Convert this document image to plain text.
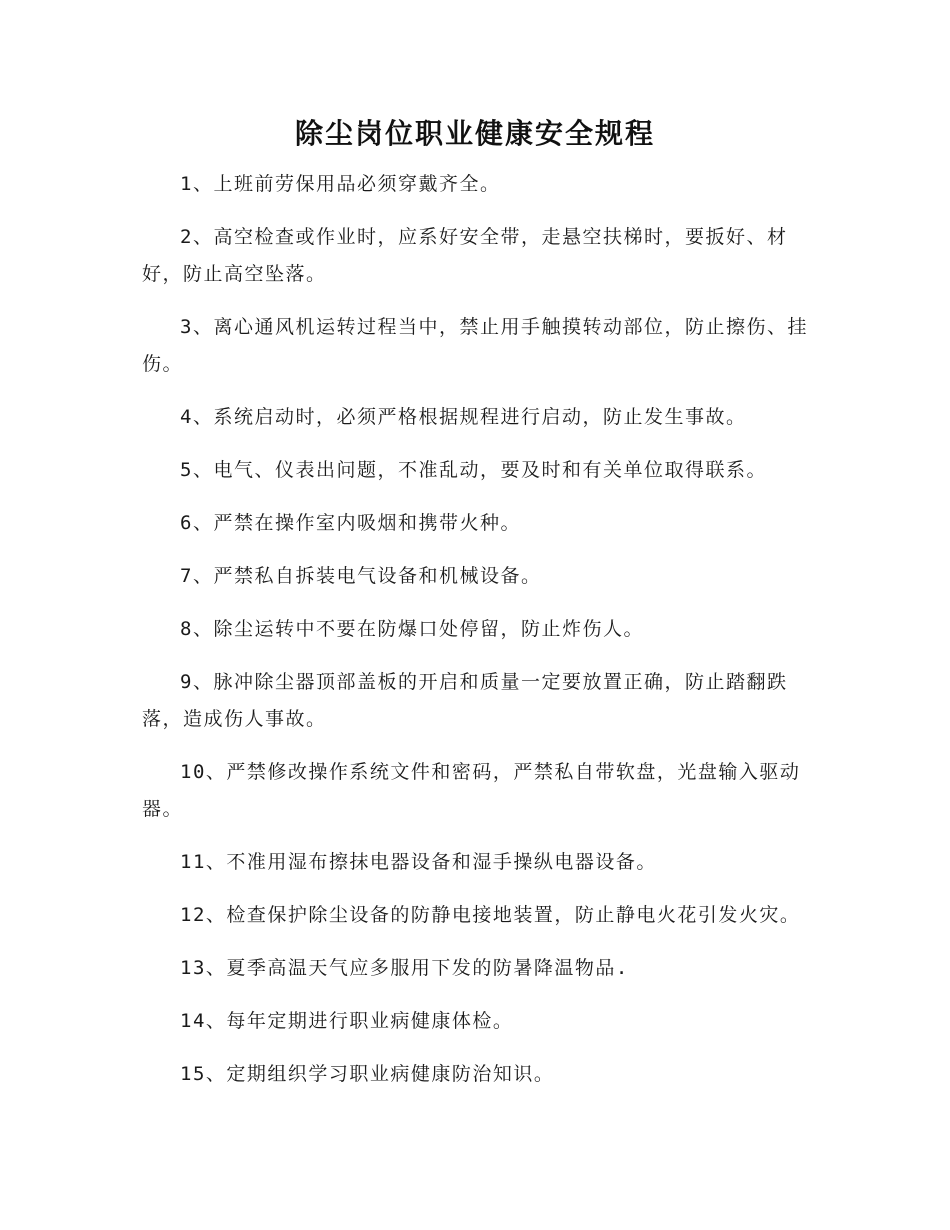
除尘岗位职业健康安全规程
1、上班前劳保用品必须穿戴齐全。
2、高空检查或作业时，应系好安全带，走悬空扶梯时，要扳好、材好，防止高空坠落。
3、离心通风机运转过程当中，禁止用手触摸转动部位，防止擦伤、挂伤。
4、系统启动时，必须严格根据规程进行启动，防止发生事故。
5、电气、仪表出问题，不准乱动，要及时和有关单位取得联系。
6、严禁在操作室内吸烟和携带火种。
7、严禁私自拆装电气设备和机械设备。
8、除尘运转中不要在防爆口处停留，防止炸伤人。
9、脉冲除尘器顶部盖板的开启和质量一定要放置正确，防止踏翻跌落，造成伤人事故。
10、严禁修改操作系统文件和密码，严禁私自带软盘，光盘输入驱动器。
11、不准用湿布擦抹电器设备和湿手操纵电器设备。
12、检查保护除尘设备的防静电接地装置，防止静电火花引发火灾。
13、夏季高温天气应多服用下发的防暑降温物品.
14、每年定期进行职业病健康体检。
15、定期组织学习职业病健康防治知识。
